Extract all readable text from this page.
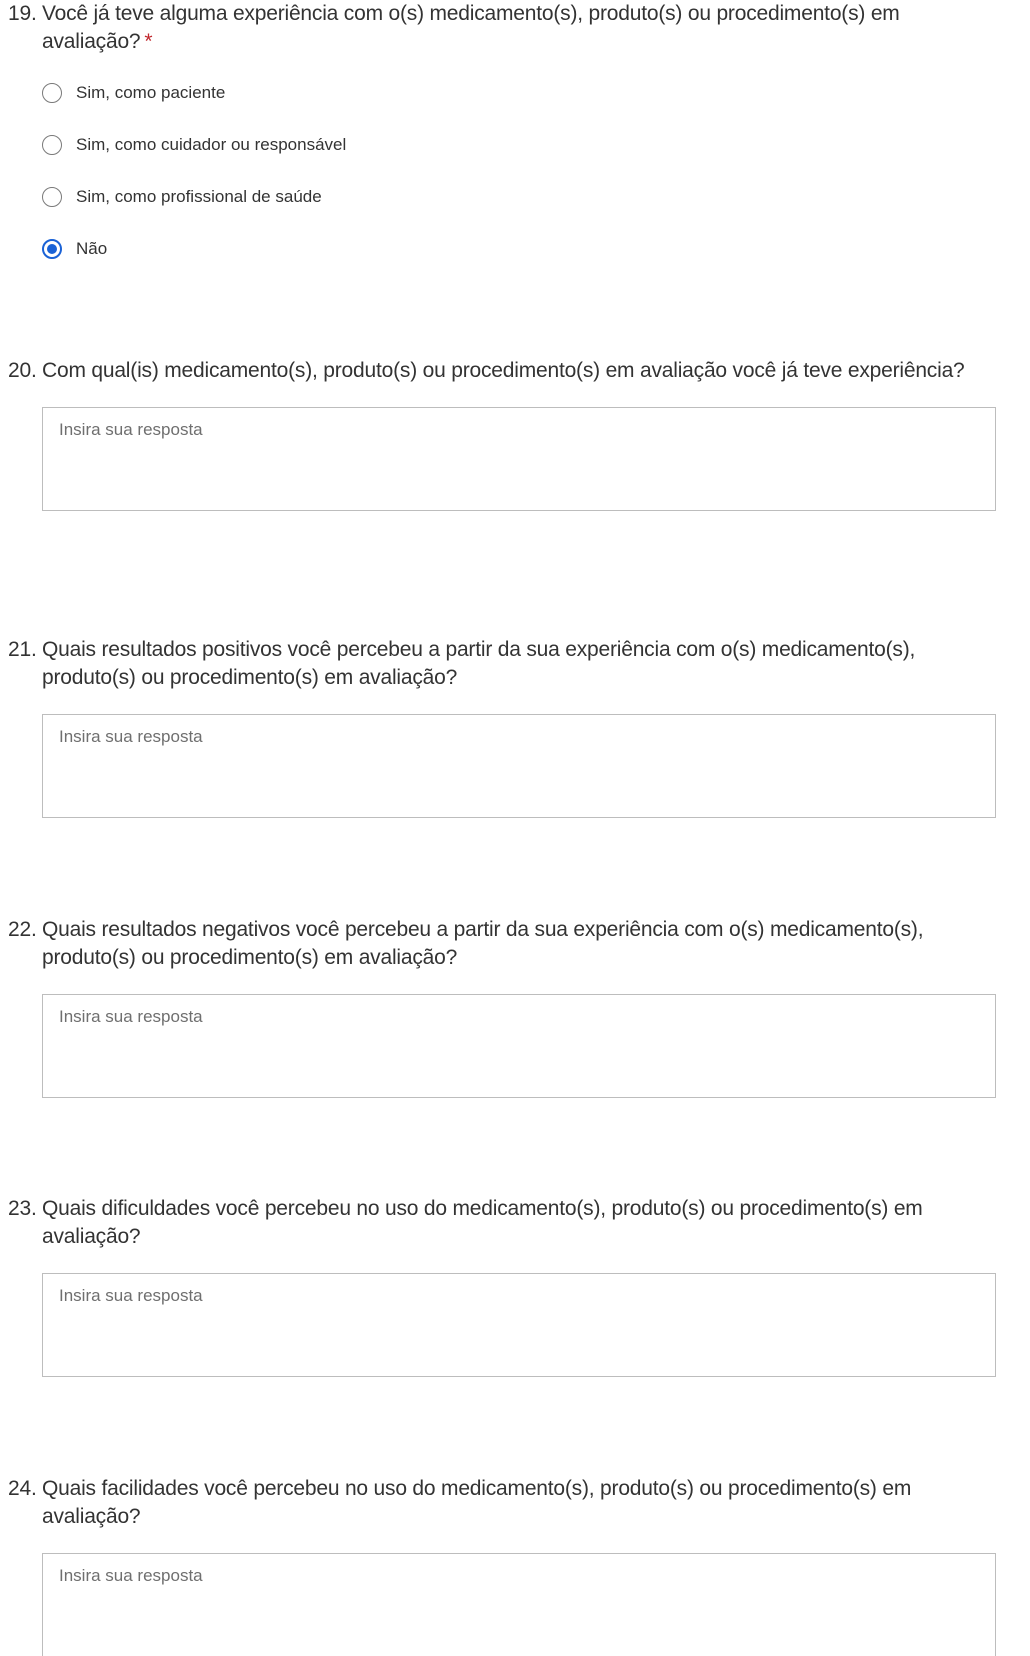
19. Você já teve alguma experiência com o(s) medicamento(s), produto(s) ou procedimento(s) em avaliação? *
Sim, como paciente
Sim, como cuidador ou responsável
Sim, como profissional de saúde
Não
20. Com qual(is) medicamento(s), produto(s) ou procedimento(s) em avaliação você já teve experiência?
Insira sua resposta
21. Quais resultados positivos você percebeu a partir da sua experiência com o(s) medicamento(s), produto(s) ou procedimento(s) em avaliação?
Insira sua resposta
22. Quais resultados negativos você percebeu a partir da sua experiência com o(s) medicamento(s), produto(s) ou procedimento(s) em avaliação?
Insira sua resposta
23. Quais dificuldades você percebeu no uso do medicamento(s), produto(s) ou procedimento(s) em avaliação?
Insira sua resposta
24. Quais facilidades você percebeu no uso do medicamento(s), produto(s) ou procedimento(s) em avaliação?
Insira sua resposta
